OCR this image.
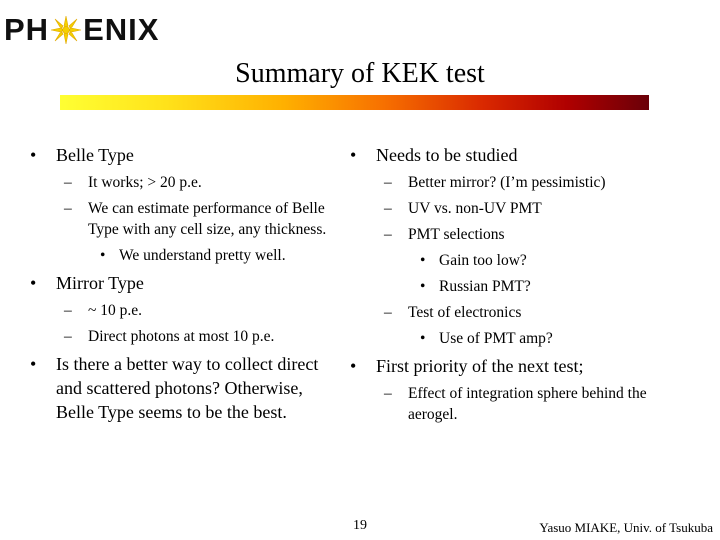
PH ENIX
Summary of KEK test
• Belle Type
– It works; > 20 p.e.
– We can estimate performance of Belle Type with any cell size, any thickness.
• We understand pretty well.
• Mirror Type
– ~ 10 p.e.
– Direct photons at most 10 p.e.
• Is there a better way to collect direct and scattered photons? Otherwise, Belle Type seems to be the best.
• Needs to be studied
– Better mirror? (I’m pessimistic)
– UV vs. non-UV PMT
– PMT selections
• Gain too low?
• Russian PMT?
– Test of electronics
• Use of PMT amp?
• First priority of the next test;
– Effect of integration sphere behind the aerogel.
19	Yasuo MIAKE, Univ. of Tsukuba
